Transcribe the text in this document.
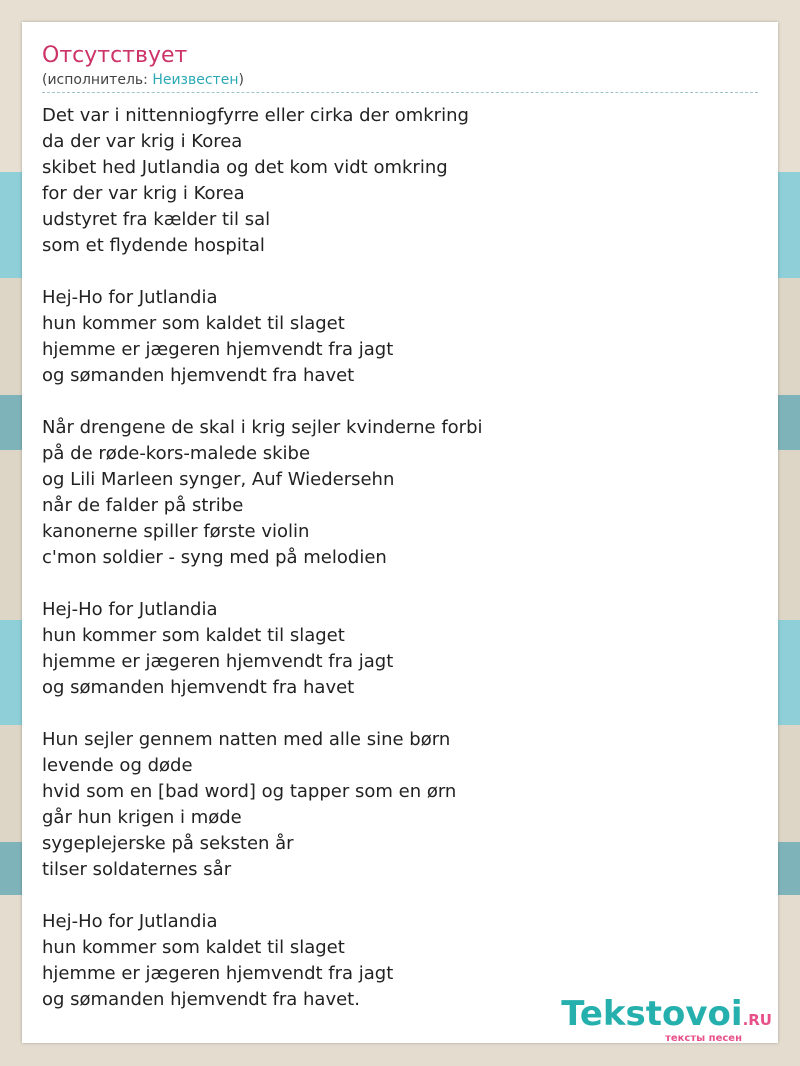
Отсутствует
(исполнитель: Неизвестен)
Det var i nittenniogfyrre eller cirka der omkring
da der var krig i Korea
skibet hed Jutlandia og det kom vidt omkring
for der var krig i Korea
udstyret fra kælder til sal
som et flydende hospital
Hej-Ho for Jutlandia
hun kommer som kaldet til slaget
hjemme er jægeren hjemvendt fra jagt
og sømanden hjemvendt fra havet
Når drengene de skal i krig sejler kvinderne forbi
på de røde-kors-malede skibe
og Lili Marleen synger, Auf Wiedersehn
når de falder på stribe
kanonerne spiller første violin
c'mon soldier - syng med på melodien
Hej-Ho for Jutlandia
hun kommer som kaldet til slaget
hjemme er jægeren hjemvendt fra jagt
og sømanden hjemvendt fra havet
Hun sejler gennem natten med alle sine børn
levende og døde
hvid som en [bad word] og tapper som en ørn
går hun krigen i møde
sygeplejerske på seksten år
tilser soldaternes sår
Hej-Ho for Jutlandia
hun kommer som kaldet til slaget
hjemme er jægeren hjemvendt fra jagt
og sømanden hjemvendt fra havet.	Tekstovoi.RU
тексты песен
